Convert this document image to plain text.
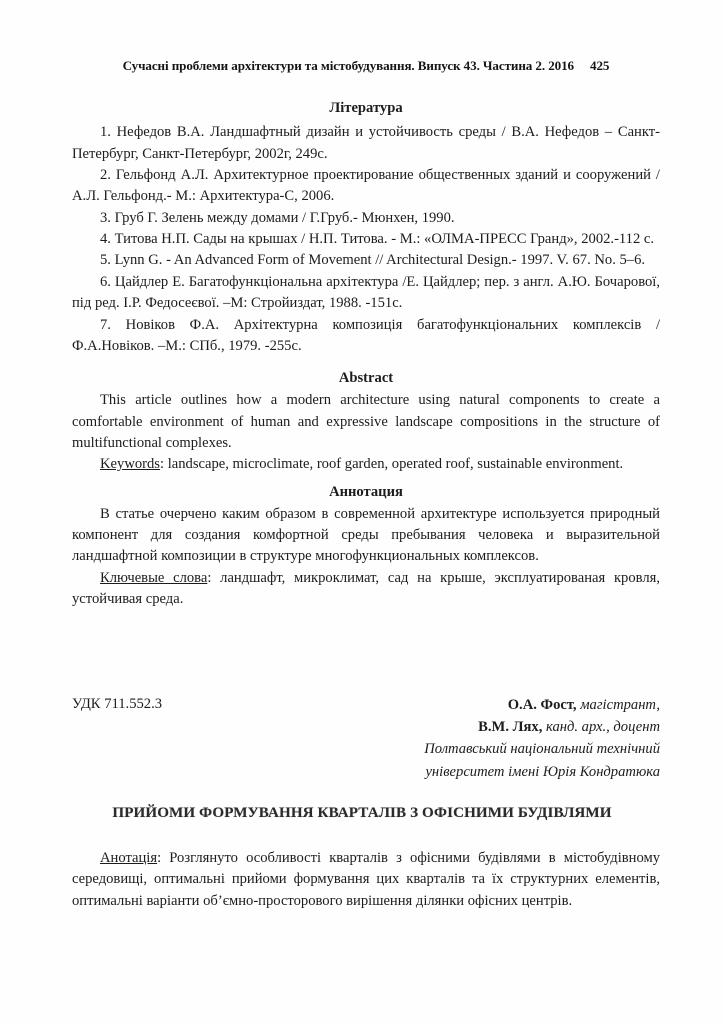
Сучасні проблеми архітектури та містобудування. Випуск 43. Частина 2. 2016 425
Література

1. Нефедов В.А. Ландшафтный дизайн и устойчивость среды / В.А. Нефедов – Санкт-Петербург, Санкт-Петербург, 2002г, 249с.

2. Гельфонд А.Л. Архитектурное проектирование общественных зданий и сооружений / А.Л. Гельфонд.- М.: Архитектура-С, 2006.

3. Груб Г. Зелень между домами / Г.Груб.- Мюнхен, 1990.

4. Титова Н.П. Сады на крышах / Н.П. Титова. - М.: «ОЛМА-ПРЕСС Гранд», 2002.-112 с.

5. Lynn G. - An Advanced Form of Movement // Architectural Design.- 1997. V. 67. No. 5–6.

6. Цайдлер Е. Багатофункціональна архітектура /Е. Цайдлер; пер. з англ. А.Ю. Бочарової, під ред. І.Р. Федосеєвої. –М: Стройиздат, 1988. -151с.

7. Новіков Ф.А. Архітектурна композиція багатофункціональних комплексів / Ф.А.Новіков. –М.: СПб., 1979. -255с.

Abstract

This article outlines how a modern architecture using natural components to create a comfortable environment of human and expressive landscape compositions in the structure of multifunctional complexes.

Keywords: landscape, microclimate, roof garden, operated roof, sustainable environment.

Аннотация

В статье очерчено каким образом в современной архитектуре используется природный компонент для создания комфортной среды пребывания человека и выразительной ландшафтной композиции в структуре многофункциональных комплексов.

Ключевые слова: ландшафт, микроклимат, сад на крыше, эксплуатированая кровля, устойчивая среда.

УДК 711.552.3	О.А. Фост, магістрант,
В.М. Лях, канд. арх., доцент
Полтавський національний технічний
університет імені Юрія Кондратюка
ПРИЙОМИ ФОРМУВАННЯ КВАРТАЛІВ З ОФІСНИМИ БУДІВЛЯМИ

Анотація: Розглянуто особливості кварталів з офісними будівлями в містобудівному середовищі, оптимальні прийоми формування цих кварталів та їх структурних елементів, оптимальні варіанти об’ємно-просторового вирішення ділянки офісних центрів.
